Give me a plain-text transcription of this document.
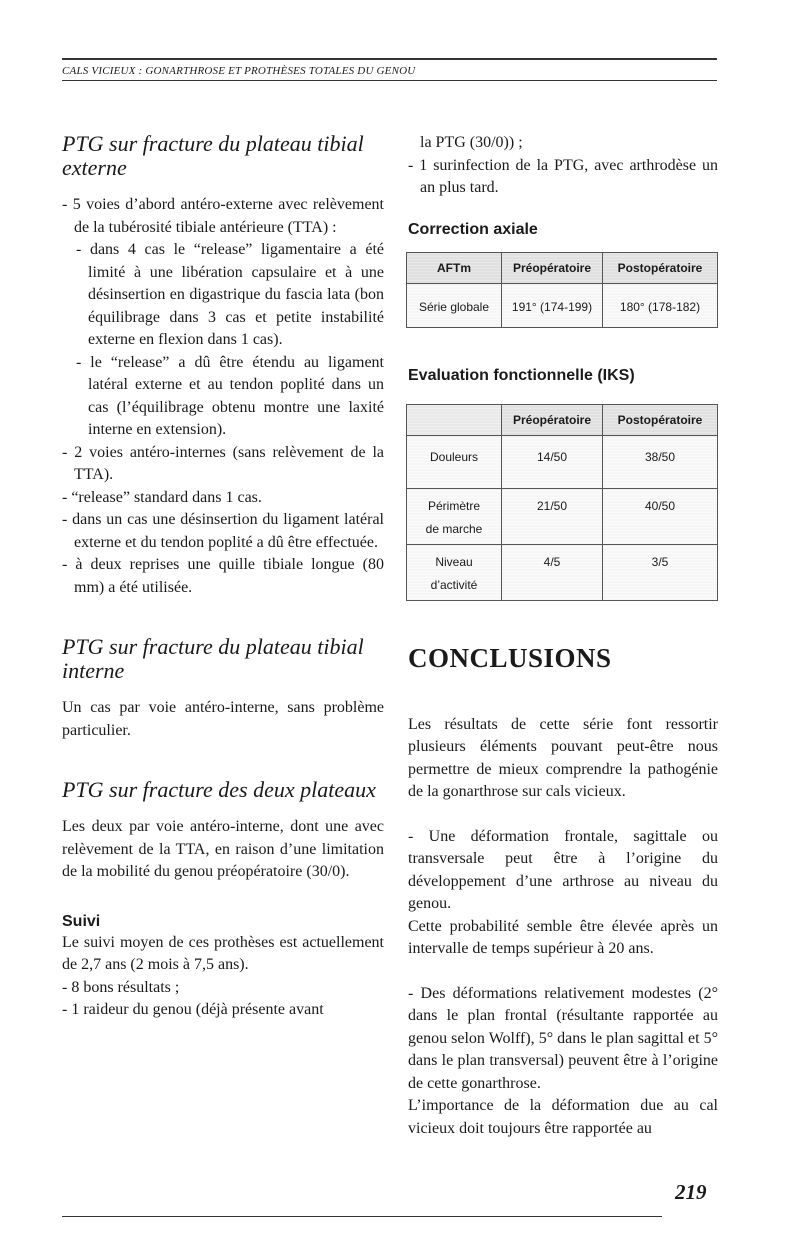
CALS VICIEUX : GONARTHROSE ET PROTHÈSES TOTALES DU GENOU
PTG sur fracture du plateau tibial externe

- 5 voies d’abord antéro-externe avec relèvement de la tubérosité tibiale antérieure (TTA) :

- dans 4 cas le “release” ligamentaire a été limité à une libération capsulaire et à une désinsertion en digastrique du fascia lata (bon équilibrage dans 3 cas et petite instabilité externe en flexion dans 1 cas).

- le “release” a dû être étendu au ligament latéral externe et au tendon poplité dans un cas (l’équilibrage obtenu montre une laxité interne en extension).

- 2 voies antéro-internes (sans relèvement de la TTA).

- “release” standard dans 1 cas.

- dans un cas une désinsertion du ligament latéral externe et du tendon poplité a dû être effectuée.

- à deux reprises une quille tibiale longue (80 mm) a été utilisée.

PTG sur fracture du plateau tibial interne

Un cas par voie antéro-interne, sans problème particulier.

PTG sur fracture des deux plateaux

Les deux par voie antéro-interne, dont une avec relèvement de la TTA, en raison d’une limitation de la mobilité du genou préopératoire (30/0).

Suivi

Le suivi moyen de ces prothèses est actuellement de 2,7 ans (2 mois à 7,5 ans).

- 8 bons résultats ;

- 1 raideur du genou (déjà présente avant

la PTG (30/0)) ;

- 1 surinfection de la PTG, avec arthrodèse un an plus tard.

Correction axiale
AFTm	Préopératoire	Postopératoire
Série globale	191° (174-199)	180° (178-182)
Evaluation fonctionnelle (IKS)
	Préopératoire	Postopératoire
Douleurs	14/50	38/50
Périmètre de marche	21/50	40/50
Niveau d’activité	4/5	3/5
CONCLUSIONS

Les résultats de cette série font ressortir plusieurs éléments pouvant peut-être nous permettre de mieux comprendre la pathogénie de la gonarthrose sur cals vicieux.

- Une déformation frontale, sagittale ou transversale peut être à l’origine du développement d’une arthrose au niveau du genou.

Cette probabilité semble être élevée après un intervalle de temps supérieur à 20 ans.

- Des déformations relativement modestes (2° dans le plan frontal (résultante rapportée au genou selon Wolff), 5° dans le plan sagittal et 5° dans le plan transversal) peuvent être à l’origine de cette gonarthrose.

L’importance de la déformation due au cal vicieux doit toujours être rapportée au

219
